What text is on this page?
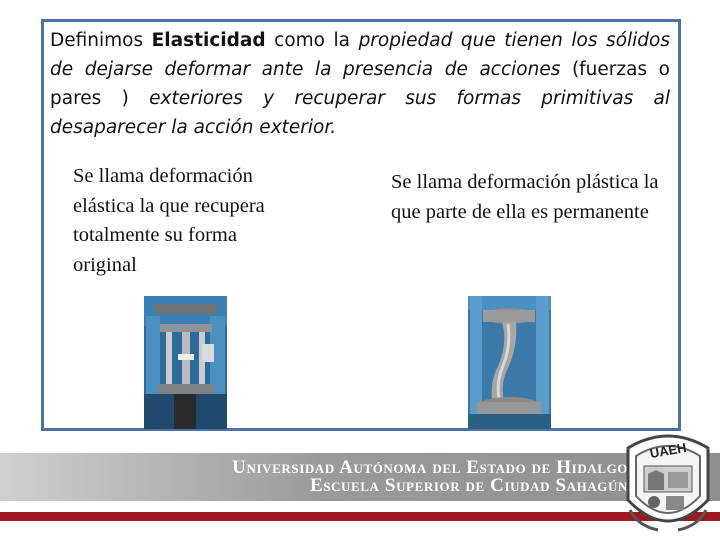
Definimos Elasticidad como la propiedad que tienen los sólidos de dejarse deformar ante la presencia de acciones (fuerzas o pares ) exteriores y recuperar sus formas primitivas al desaparecer la acción exterior.
Se llama deformación elástica la que recupera totalmente su forma original
Se llama deformación plástica la que parte de ella es permanente
Universidad Autónoma del Estado de Hidalgo
Escuela Superior de Ciudad Sahagún
UAEH
